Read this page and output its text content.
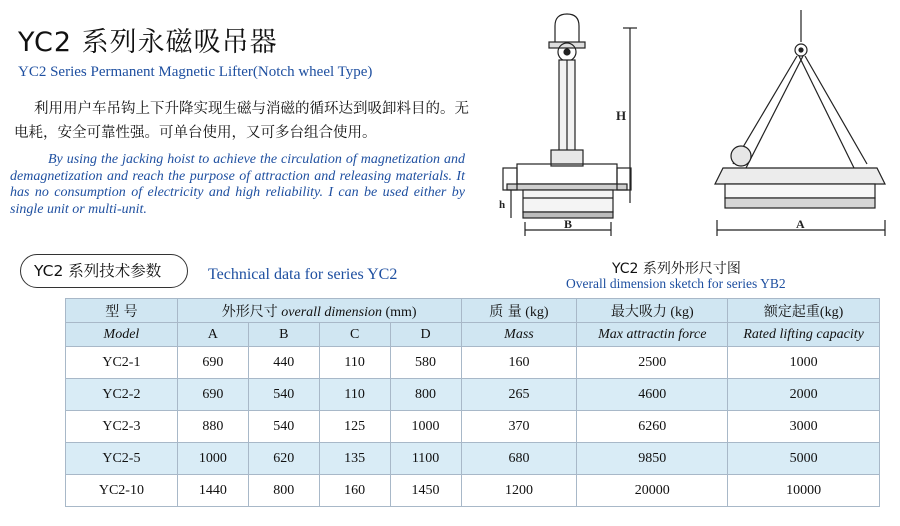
YC2 系列永磁吸吊器
YC2 Series Permanent Magnetic Lifter(Notch wheel Type)
利用用户车吊钩上下升降实现生磁与消磁的循环达到吸卸料目的。无电耗，安全可靠性强。可单台使用，又可多台组合使用。
By using the jacking hoist to achieve the circulation of magnetization and demagnetization and reach the purpose of attraction and releasing materials. It has no consumption of electricity and high reliability. I can be used either by single unit or multi-unit.
H
h
B	A
YC2 系列技术参数	Technical data for series YC2	YC2 系列外形尺寸图
Overall dimension sketch for series YB2
型 号	外形尺寸 overall dimension (mm)				质 量 (kg)	最大吸力 (kg)	额定起重(kg)
Model	A	B	C	D	Mass	Max attractin force	Rated lifting capacity
YC2-1	690	440	110	580	160	2500	1000
YC2-2	690	540	110	800	265	4600	2000
YC2-3	880	540	125	1000	370	6260	3000
YC2-5	1000	620	135	1100	680	9850	5000
YC2-10	1440	800	160	1450	1200	20000	10000
